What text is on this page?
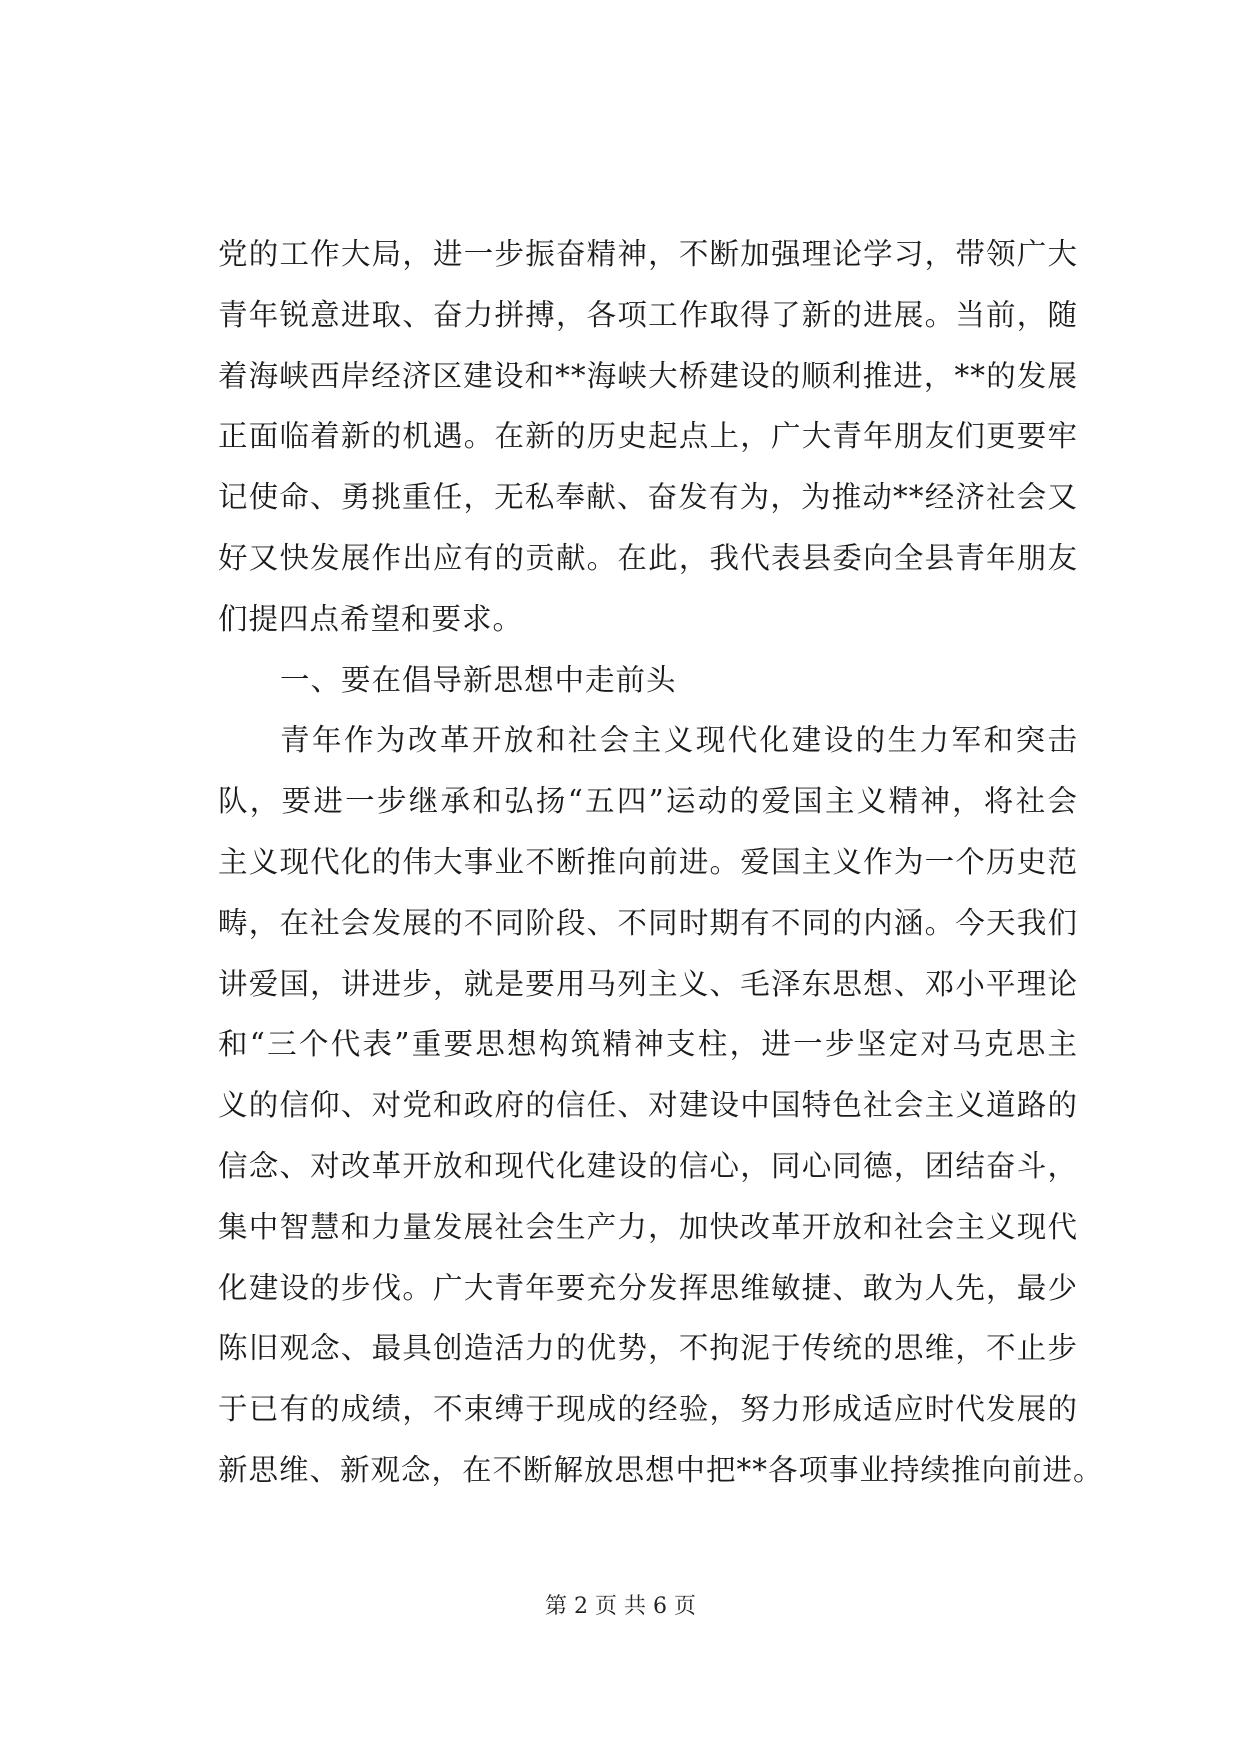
党的工作大局，进一步振奋精神，不断加强理论学习，带领广大
青年锐意进取、奋力拼搏，各项工作取得了新的进展。当前，随
着海峡西岸经济区建设和**海峡大桥建设的顺利推进，**的发展
正面临着新的机遇。在新的历史起点上，广大青年朋友们更要牢
记使命、勇挑重任，无私奉献、奋发有为，为推动**经济社会又
好又快发展作出应有的贡献。在此，我代表县委向全县青年朋友
们提四点希望和要求。
一、要在倡导新思想中走前头
青年作为改革开放和社会主义现代化建设的生力军和突击
队，要进一步继承和弘扬“五四”运动的爱国主义精神，将社会
主义现代化的伟大事业不断推向前进。爱国主义作为一个历史范
畴，在社会发展的不同阶段、不同时期有不同的内涵。今天我们
讲爱国，讲进步，就是要用马列主义、毛泽东思想、邓小平理论
和“三个代表”重要思想构筑精神支柱，进一步坚定对马克思主
义的信仰、对党和政府的信任、对建设中国特色社会主义道路的
信念、对改革开放和现代化建设的信心，同心同德，团结奋斗，
集中智慧和力量发展社会生产力，加快改革开放和社会主义现代
化建设的步伐。广大青年要充分发挥思维敏捷、敢为人先，最少
陈旧观念、最具创造活力的优势，不拘泥于传统的思维，不止步
于已有的成绩，不束缚于现成的经验，努力形成适应时代发展的
新思维、新观念，在不断解放思想中把**各项事业持续推向前进。
第 2 页 共 6 页
